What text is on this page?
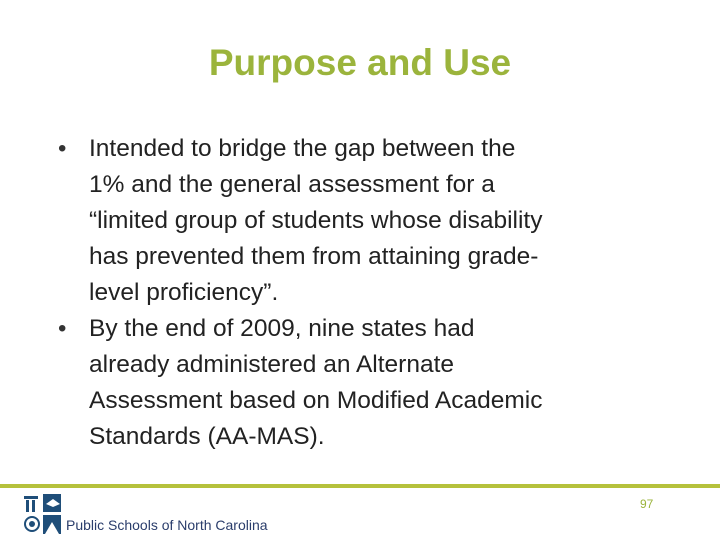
Purpose and Use
• Intended to bridge the gap between the
1% and the general assessment for a
“limited group of students whose disability
has prevented them from attaining grade-
level proficiency”.
• By the end of 2009, nine states had
already administered an Alternate
Assessment based on Modified Academic
Standards (AA-MAS).
Public Schools of North Carolina
97
